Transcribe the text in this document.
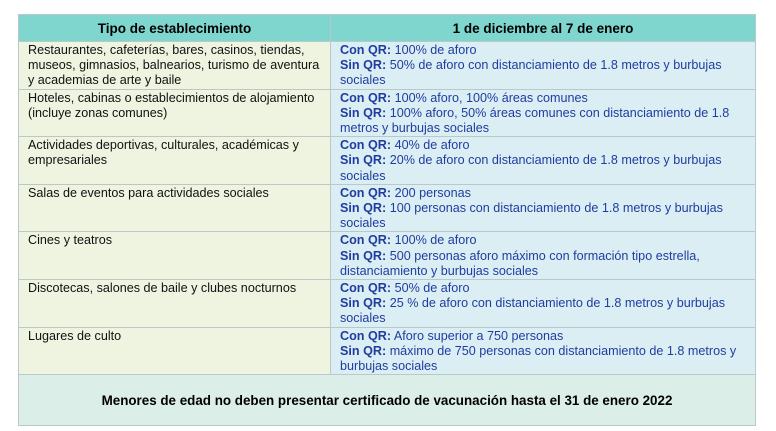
Tipo de establecimiento	1 de diciembre al 7 de enero
Restaurantes, cafeterías, bares, casinos, tiendas, museos, gimnasios, balnearios, turismo de aventura y academias de arte y baile	Con QR: 100% de aforo
Sin QR: 50% de aforo con distanciamiento de 1.8 metros y burbujas sociales

Hoteles, cabinas o establecimientos de alojamiento (incluye zonas comunes)	Con QR: 100% aforo, 100% áreas comunes
Sin QR: 100% aforo, 50% áreas comunes con distanciamiento de 1.8 metros y burbujas sociales

Actividades deportivas, culturales, académicas y empresariales	Con QR: 40% de aforo
Sin QR: 20% de aforo con distanciamiento de 1.8 metros y burbujas sociales

Salas de eventos para actividades sociales	Con QR: 200 personas
Sin QR: 100 personas con distanciamiento de 1.8 metros y burbujas sociales

Cines y teatros	Con QR: 100% de aforo
Sin QR: 500 personas aforo máximo con formación tipo estrella, distanciamiento y burbujas sociales

Discotecas, salones de baile y clubes nocturnos	Con QR: 50% de aforo
Sin QR: 25 % de aforo con distanciamiento de 1.8 metros y burbujas sociales

Lugares de culto	Con QR: Aforo superior a 750 personas
Sin QR: máximo de 750 personas con distanciamiento de 1.8 metros y burbujas sociales

Menores de edad no deben presentar certificado de vacunación hasta el 31 de enero 2022	
